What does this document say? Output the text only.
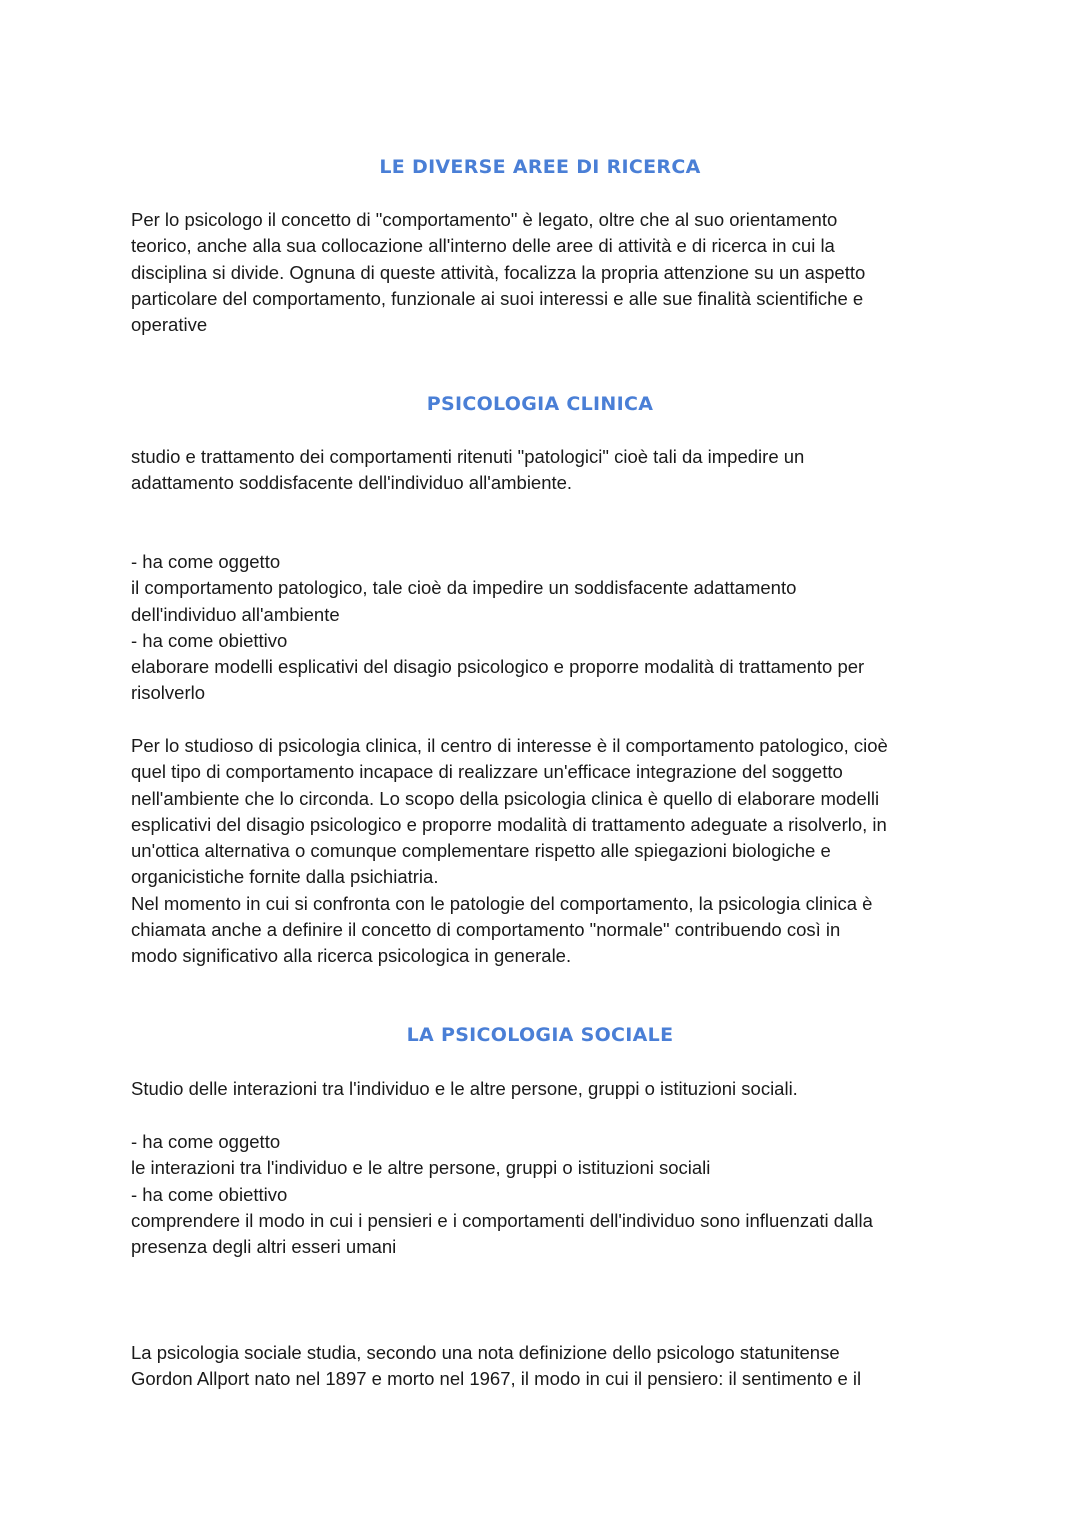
LE DIVERSE AREE DI RICERCA
Per lo psicologo il concetto di "comportamento" è legato, oltre che al suo orientamento
teorico, anche alla sua collocazione all'interno delle aree di attività e di ricerca in cui la
disciplina si divide. Ognuna di queste attività, focalizza la propria attenzione su un aspetto
particolare del comportamento, funzionale ai suoi interessi e alle sue finalità scientifiche e
operative
PSICOLOGIA CLINICA
studio e trattamento dei comportamenti ritenuti "patologici" cioè tali da impedire un
adattamento soddisfacente dell'individuo all'ambiente.
- ha come oggetto
il comportamento patologico, tale cioè da impedire un soddisfacente adattamento
dell'individuo all'ambiente
- ha come obiettivo
elaborare modelli esplicativi del disagio psicologico e proporre modalità di trattamento per
risolverlo
Per lo studioso di psicologia clinica, il centro di interesse è il comportamento patologico, cioè
quel tipo di comportamento incapace di realizzare un'efficace integrazione del soggetto
nell'ambiente che lo circonda. Lo scopo della psicologia clinica è quello di elaborare modelli
esplicativi del disagio psicologico e proporre modalità di trattamento adeguate a risolverlo, in
un'ottica alternativa o comunque complementare rispetto alle spiegazioni biologiche e
organicistiche fornite dalla psichiatria.
Nel momento in cui si confronta con le patologie del comportamento, la psicologia clinica è
chiamata anche a definire il concetto di comportamento "normale" contribuendo così in
modo significativo alla ricerca psicologica in generale.
LA PSICOLOGIA SOCIALE
Studio delle interazioni tra l'individuo e le altre persone, gruppi o istituzioni sociali.
- ha come oggetto
le interazioni tra l'individuo e le altre persone, gruppi o istituzioni sociali
- ha come obiettivo
comprendere il modo in cui i pensieri e i comportamenti dell'individuo sono influenzati dalla
presenza degli altri esseri umani
La psicologia sociale studia, secondo una nota definizione dello psicologo statunitense
Gordon Allport nato nel 1897 e morto nel 1967, il modo in cui il pensiero: il sentimento e il
